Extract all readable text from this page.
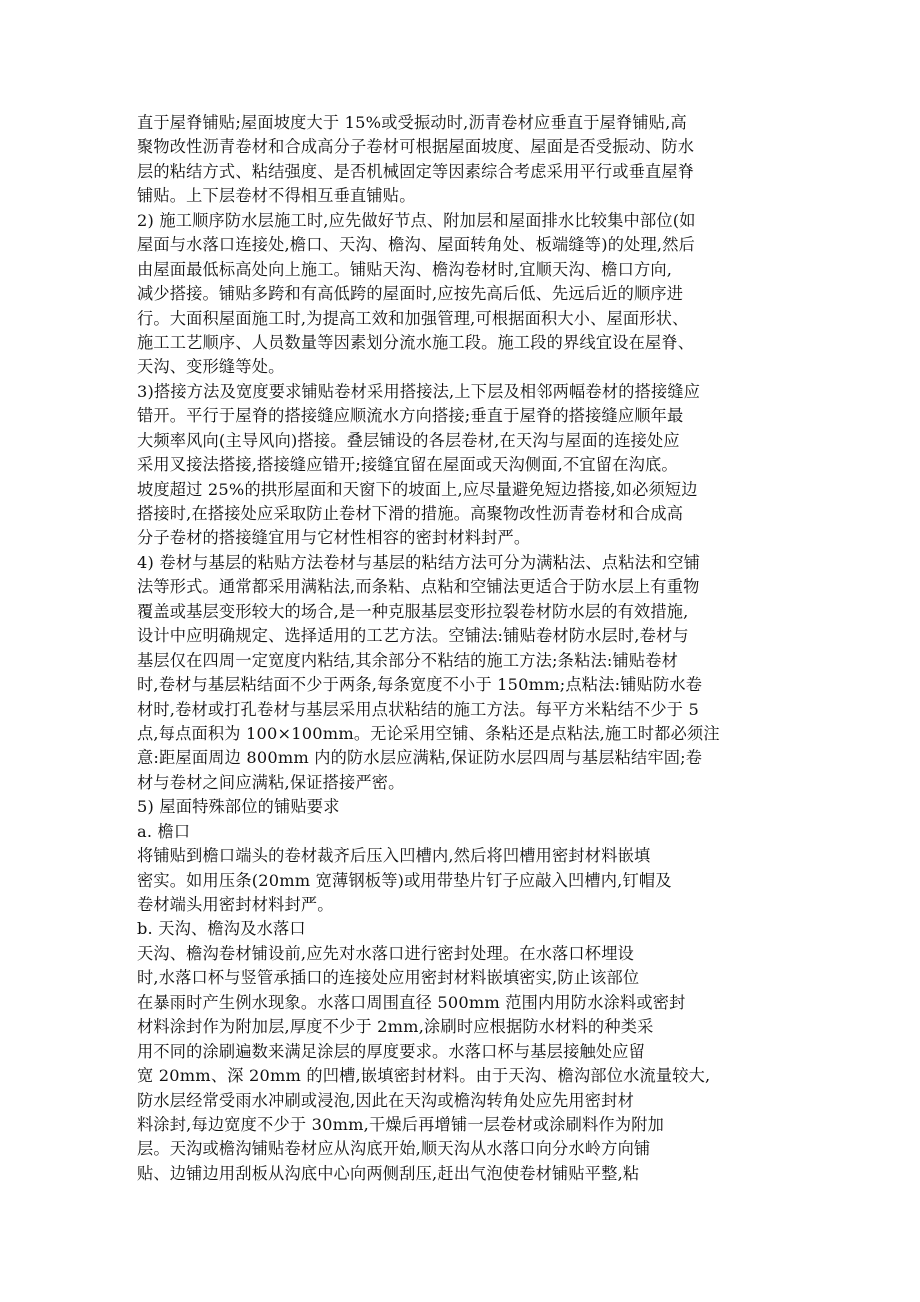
直于屋脊铺贴;屋面坡度大于 15%或受振动时,沥青卷材应垂直于屋脊铺贴,高
聚物改性沥青卷材和合成高分子卷材可根据屋面坡度、屋面是否受振动、防水
层的粘结方式、粘结强度、是否机械固定等因素综合考虑采用平行或垂直屋脊
铺贴。上下层卷材不得相互垂直铺贴。
2) 施工顺序防水层施工时,应先做好节点、附加层和屋面排水比较集中部位(如
屋面与水落口连接处,檐口、天沟、檐沟、屋面转角处、板端缝等)的处理,然后
由屋面最低标高处向上施工。铺贴天沟、檐沟卷材时,宜顺天沟、檐口方向,
减少搭接。铺贴多跨和有高低跨的屋面时,应按先高后低、先远后近的顺序进
行。大面积屋面施工时,为提高工效和加强管理,可根据面积大小、屋面形状、
施工工艺顺序、人员数量等因素划分流水施工段。施工段的界线宜设在屋脊、
天沟、变形缝等处。
3)搭接方法及宽度要求铺贴卷材采用搭接法,上下层及相邻两幅卷材的搭接缝应
错开。平行于屋脊的搭接缝应顺流水方向搭接;垂直于屋脊的搭接缝应顺年最
大频率风向(主导风向)搭接。叠层铺设的各层卷材,在天沟与屋面的连接处应
采用叉接法搭接,搭接缝应错开;接缝宜留在屋面或天沟侧面,不宜留在沟底。
坡度超过 25%的拱形屋面和天窗下的坡面上,应尽量避免短边搭接,如必须短边
搭接时,在搭接处应采取防止卷材下滑的措施。高聚物改性沥青卷材和合成高
分子卷材的搭接缝宜用与它材性相容的密封材料封严。
4) 卷材与基层的粘贴方法卷材与基层的粘结方法可分为满粘法、点粘法和空铺
法等形式。通常都采用满粘法,而条粘、点粘和空铺法更适合于防水层上有重物
覆盖或基层变形较大的场合,是一种克服基层变形拉裂卷材防水层的有效措施,
设计中应明确规定、选择适用的工艺方法。空铺法:铺贴卷材防水层时,卷材与
基层仅在四周一定宽度内粘结,其余部分不粘结的施工方法;条粘法:铺贴卷材
时,卷材与基层粘结面不少于两条,每条宽度不小于 150mm;点粘法:铺贴防水卷
材时,卷材或打孔卷材与基层采用点状粘结的施工方法。每平方米粘结不少于 5
点,每点面积为 100×100mm。无论采用空铺、条粘还是点粘法,施工时都必须注
意:距屋面周边 800mm 内的防水层应满粘,保证防水层四周与基层粘结牢固;卷
材与卷材之间应满粘,保证搭接严密。
5) 屋面特殊部位的铺贴要求
a. 檐口
将铺贴到檐口端头的卷材裁齐后压入凹槽内,然后将凹槽用密封材料嵌填
密实。如用压条(20mm 宽薄钢板等)或用带垫片钉子应敲入凹槽内,钉帽及
卷材端头用密封材料封严。
b. 天沟、檐沟及水落口
天沟、檐沟卷材铺设前,应先对水落口进行密封处理。在水落口杯埋设
时,水落口杯与竖管承插口的连接处应用密封材料嵌填密实,防止该部位
在暴雨时产生例水现象。水落口周围直径 500mm 范围内用防水涂料或密封
材料涂封作为附加层,厚度不少于 2mm,涂刷时应根据防水材料的种类采
用不同的涂刷遍数来满足涂层的厚度要求。水落口杯与基层接触处应留
宽 20mm、深 20mm 的凹槽,嵌填密封材料。由于天沟、檐沟部位水流量较大,
防水层经常受雨水冲刷或浸泡,因此在天沟或檐沟转角处应先用密封材
料涂封,每边宽度不少于 30mm,干燥后再增铺一层卷材或涂刷料作为附加
层。天沟或檐沟铺贴卷材应从沟底开始,顺天沟从水落口向分水岭方向铺
贴、边铺边用刮板从沟底中心向两侧刮压,赶出气泡使卷材铺贴平整,粘
